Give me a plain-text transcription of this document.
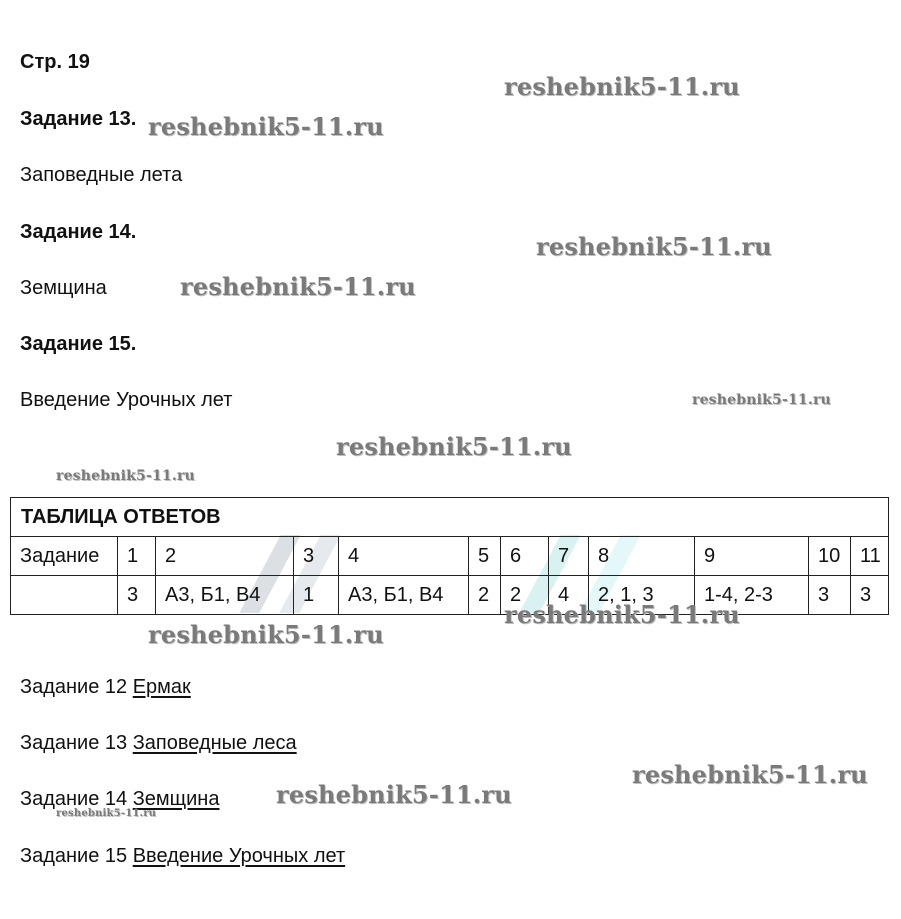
Стр. 19
Задание 13.
Заповедные лета
Задание 14.
Земщина
Задание 15.
Введение Урочных лет
ТАБЛИЦА ОТВЕТОВ											
Задание	1	2	3	4	5	6	7	8	9	10	11
	3	А3, Б1, В4	1	А3, Б1, В4	2	2	4	2, 1, 3	1-4, 2-3	3	3
Задание 12 Ермак
Задание 13 Заповедные леса
Задание 14 Земщина
Задание 15 Введение Урочных лет
reshebnik5-11.ru
reshebnik5-11.ru
reshebnik5-11.ru
reshebnik5-11.ru
reshebnik5-11.ru
reshebnik5-11.ru
reshebnik5-11.ru
reshebnik5-11.ru
reshebnik5-11.ru
reshebnik5-11.ru
reshebnik5-11.ru
reshebnik5-11.ru
